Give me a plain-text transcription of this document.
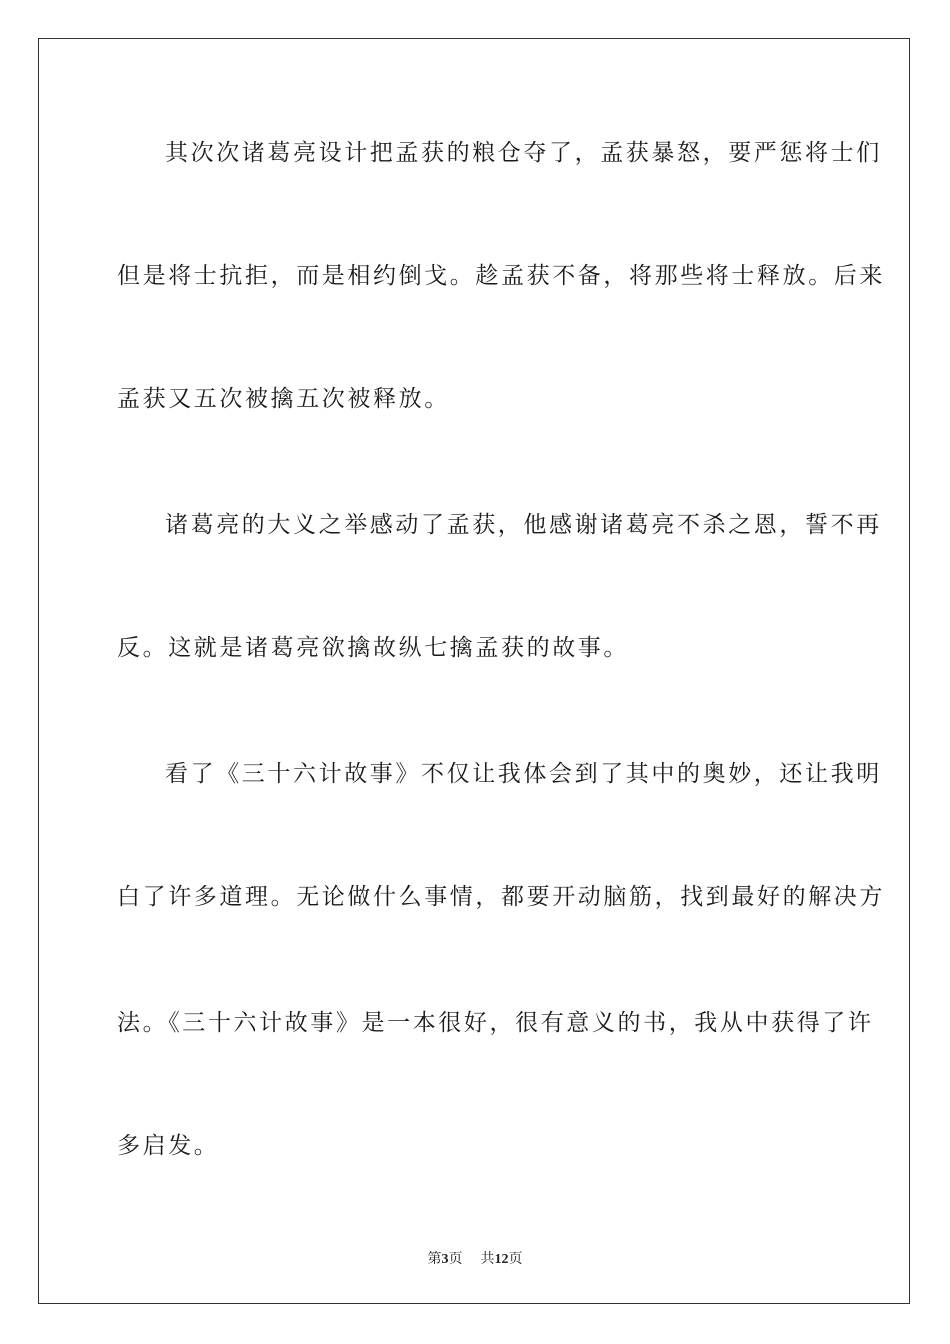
其次次诸葛亮设计把孟获的粮仓夺了，孟获暴怒，要严惩将士们
但是将士抗拒，而是相约倒戈。趁孟获不备，将那些将士释放。后来
孟获又五次被擒五次被释放。
诸葛亮的大义之举感动了孟获，他感谢诸葛亮不杀之恩，誓不再
反。这就是诸葛亮欲擒故纵七擒孟获的故事。
看了《三十六计故事》不仅让我体会到了其中的奥妙，还让我明
白了许多道理。无论做什么事情，都要开动脑筋，找到最好的解决方
法。《三十六计故事》是一本很好，很有意义的书，我从中获得了许
多启发。
第3页 共12页
